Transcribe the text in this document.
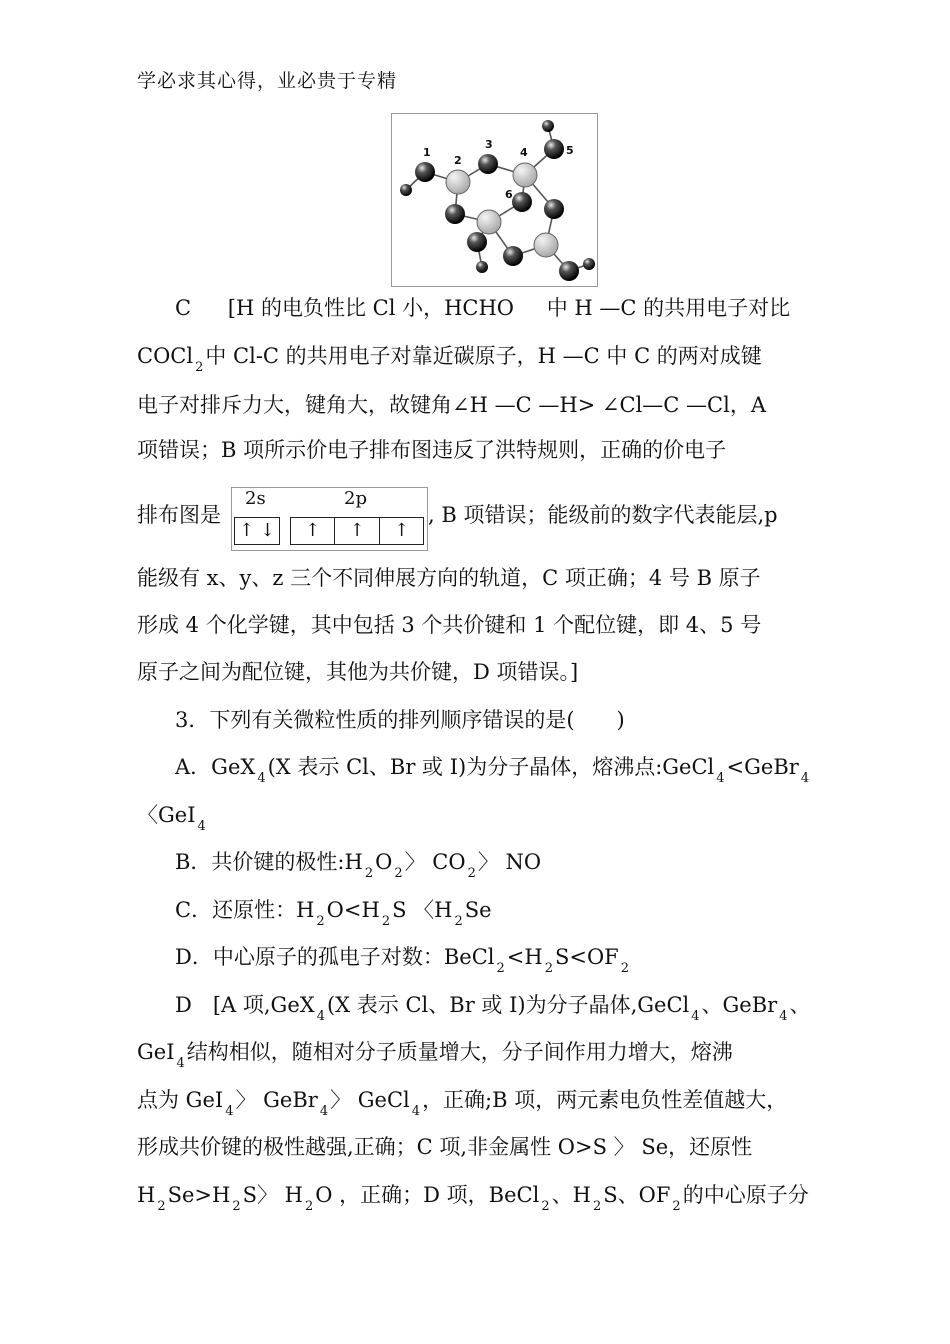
学必求其心得，业必贵于专精
1
2
3
4	5
6
C [H 的电负性比 Cl 小，HCHO 中 H —C 的共用电子对比
COCl $_2$中 Cl-C 的共用电子对靠近碳原子，H —C 中 C 的两对成键
电子对排斥力大，键角大，故键角∠H —C —H> ∠Cl—C —Cl，A
项错误；B 项所示价电子排布图违反了洪特规则，正确的价电子
排布图是
2s	2p
↑ ↓	↑	↑	↑
, B 项错误；能级前的数字代表能层,p
能级有 x、y、z 三个不同伸展方向的轨道，C 项正确；4 号 B 原子
形成 4 个化学键，其中包括 3 个共价键和 1 个配位键，即 4、5 号
原子之间为配位键，其他为共价键，D 项错误。]
3．下列有关微粒性质的排列顺序错误的是(　　)
A．GeX $_4$(X 表示 Cl、Br 或 I)为分子晶体，熔沸点:GeCl $_4$<GeBr $_4$
〈GeI $_4$
B．共价键的极性:H $_2$O $_2$〉 CO $_2$〉 NO
C．还原性：H $_2$O<H $_2$S 〈H $_2$Se
D．中心原子的孤电子对数：BeCl $_2$<H $_2$S<OF $_2$
D　[A 项,GeX $_4$(X 表示 Cl、Br 或 I)为分子晶体,GeCl $_4$、GeBr $_4$、
GeI $_4$结构相似，随相对分子质量增大，分子间作用力增大，熔沸
点为 GeI $_4$〉 GeBr $_4$〉 GeCl $_4$，正确;B 项，两元素电负性差值越大，
形成共价键的极性越强,正确；C 项,非金属性 O>S 〉 Se，还原性
H $_2$Se>H $_2$S〉 H $_2$O ，正确；D 项，BeCl $_2$、H $_2$S、OF $_2$的中心原子分
